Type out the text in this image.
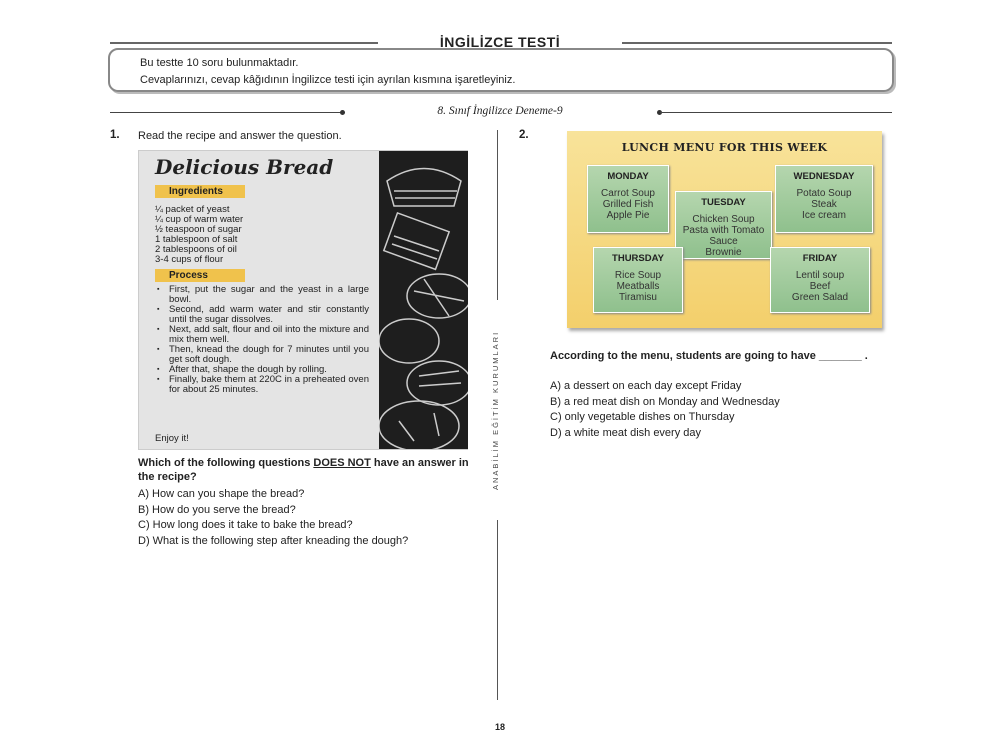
İNGİLİZCE TESTİ
Bu testte 10 soru bulunmaktadır.
Cevaplarınızı, cevap kâğıdının İngilizce testi için ayrılan kısmına işaretleyiniz.
8. Sınıf İngilizce Deneme-9
1. Read the recipe and answer the question.
Delicious Bread
Ingredients
¼ packet of yeast
¼ cup of warm water
½ teaspoon of sugar
1 tablespoon of salt
2 tablespoons of oil
3-4 cups of flour
Process
▪ First, put the sugar and the yeast in a large bowl.
▪ Second, add warm water and stir constantly until the sugar dissolves.
▪ Next, add salt, flour and oil into the mixture and mix them well.
▪ Then, knead the dough for 7 minutes until you get soft dough.
▪ After that, shape the dough by rolling.
▪ Finally, bake them at 220C in a preheated oven for about 25 minutes.
Enjoy it!
Which of the following questions DOES NOT have an answer in the recipe?
A) How can you shape the bread?
B) How do you serve the bread?
C) How long does it take to bake the bread?
D) What is the following step after kneading the dough?
ANABİLİM EĞİTİM KURUMLARI
2.
LUNCH MENU FOR THIS WEEK
MONDAY
Carrot Soup
Grilled Fish
Apple Pie
TUESDAY
Chicken Soup
Pasta with Tomato Sauce
Brownie
WEDNESDAY
Potato Soup
Steak
Ice cream
THURSDAY
Rice Soup
Meatballs
Tiramisu
FRIDAY
Lentil soup
Beef
Green Salad
According to the menu, students are going to have _______ .
A) a dessert on each day except Friday
B) a red meat dish on Monday and Wednesday
C) only vegetable dishes on Thursday
D) a white meat dish every day
18
